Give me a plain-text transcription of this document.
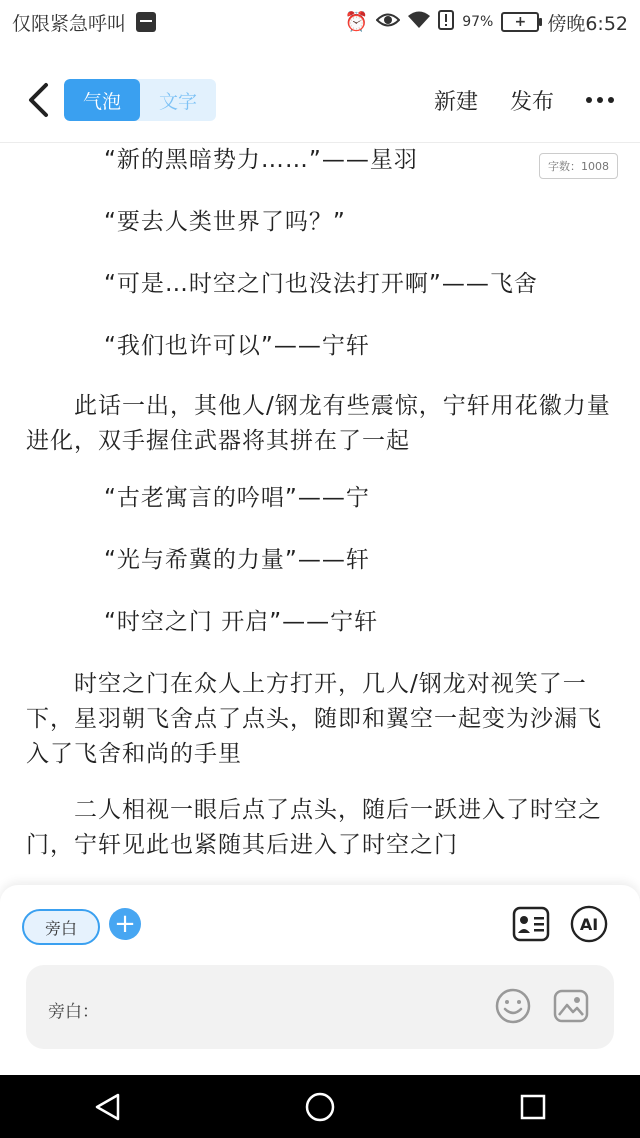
仅限紧急呼叫	⏰	97% + 傍晚6:52
气泡	文字	新建 发布
字数：1008
“新的黑暗势力……”——星羽
“要去人类世界了吗？”
“可是…时空之门也没法打开啊”——飞舍
“我们也许可以”——宁轩
　　此话一出，其他人/钢龙有些震惊，宁轩用花徽力量进化，双手握住武器将其拼在了一起
“古老寓言的吟唱”——宁
“光与希冀的力量”——轩
“时空之门 开启”——宁轩
　　时空之门在众人上方打开，几人/钢龙对视笑了一下，星羽朝飞舍点了点头，随即和翼空一起变为沙漏飞入了飞舍和尚的手里
　　二人相视一眼后点了点头，随后一跃进入了时空之门，宁轩见此也紧随其后进入了时空之门
旁白	+	AI
旁白：
